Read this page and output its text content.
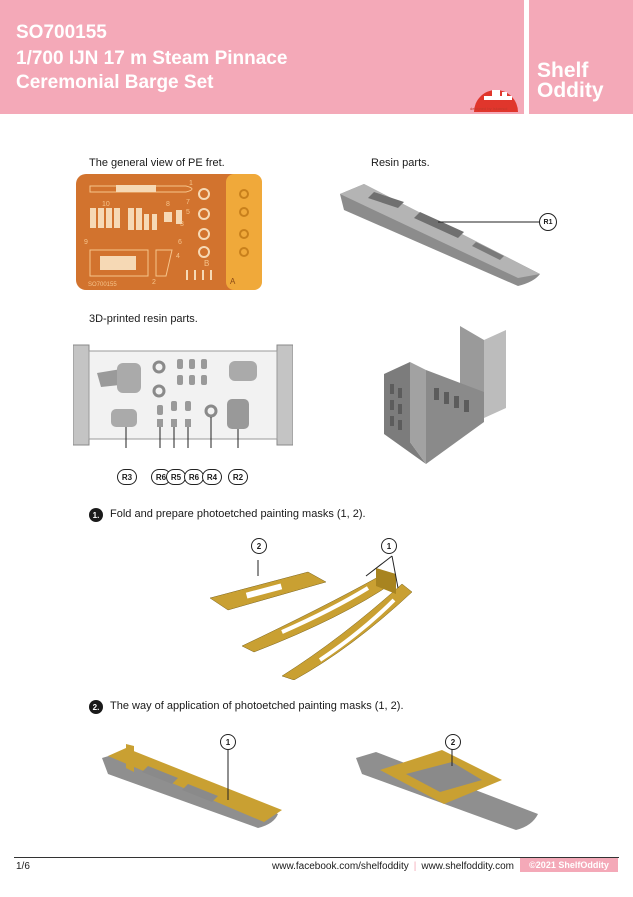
SO700155
1/700 IJN 17 m Steam Pinnace
Ceremonial Barge Set
designed by Iskansol
Shelf
Oddity
The general view of PE fret.	Resin parts.
3D-printed resin parts.
1
2
3
4
5
6
7
8
9
10
B
A
SO700155
R1
R3	R6 R5 R6 R4	R2
1. Fold and prepare photoetched painting masks (1, 2).
2	1
2. The way of application of photoetched painting masks (1, 2).
1	2
1/6	www.facebook.com/shelfoddity | www.shelfoddity.com	©2021 ShelfOddity
